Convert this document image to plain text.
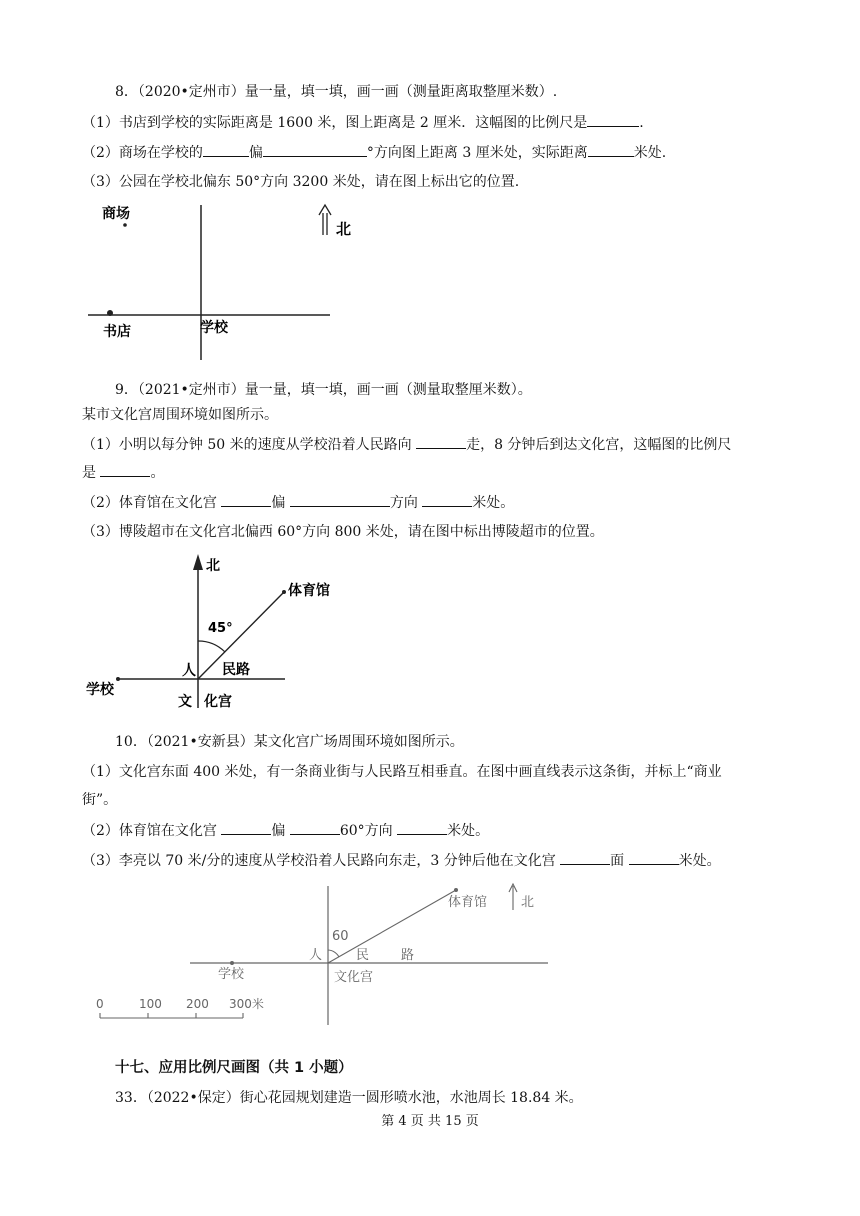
8．（2020•定州市）量一量，填一填，画一画（测量距离取整厘米数）.
（1）书店到学校的实际距离是 1600 米，图上距离是 2 厘米．这幅图的比例尺是	.
（2）商场在学校的	偏	°方向图上距离 3 厘米处，实际距离	米处.
（3）公园在学校北偏东 50°方向 3200 米处，请在图上标出它的位置.
商场
北
书店	学校
9．（2021•定州市）量一量，填一填，画一画（测量取整厘米数）。
某市文化宫周围环境如图所示。
（1）小明以每分钟 50 米的速度从学校沿着人民路向	走，8 分钟后到达文化宫，这幅图的比例尺
是	。
（2）体育馆在文化宫	偏	方向	米处。
（3）博陵超市在文化宫北偏西 60°方向 800 米处，请在图中标出博陵超市的位置。
北
体育馆
45°
人 民路
学校
文 化宫
10．（2021•安新县）某文化宫广场周围环境如图所示。
（1）文化宫东面 400 米处，有一条商业街与人民路互相垂直。在图中画直线表示这条街，并标上“商业
街”。
（2）体育馆在文化宫	偏	60°方向	米处。
（3）李亮以 70 米/分的速度从学校沿着人民路向东走，3 分钟后他在文化宫	面	米处。
体育馆	北
60
人	民 路
学校	文化宫
0	100 200 300米
十七、应用比例尺画图（共 1 小题）
33．（2022•保定）街心花园规划建造一圆形喷水池，水池周长 18.84 米。
第 4 页 共 15 页
